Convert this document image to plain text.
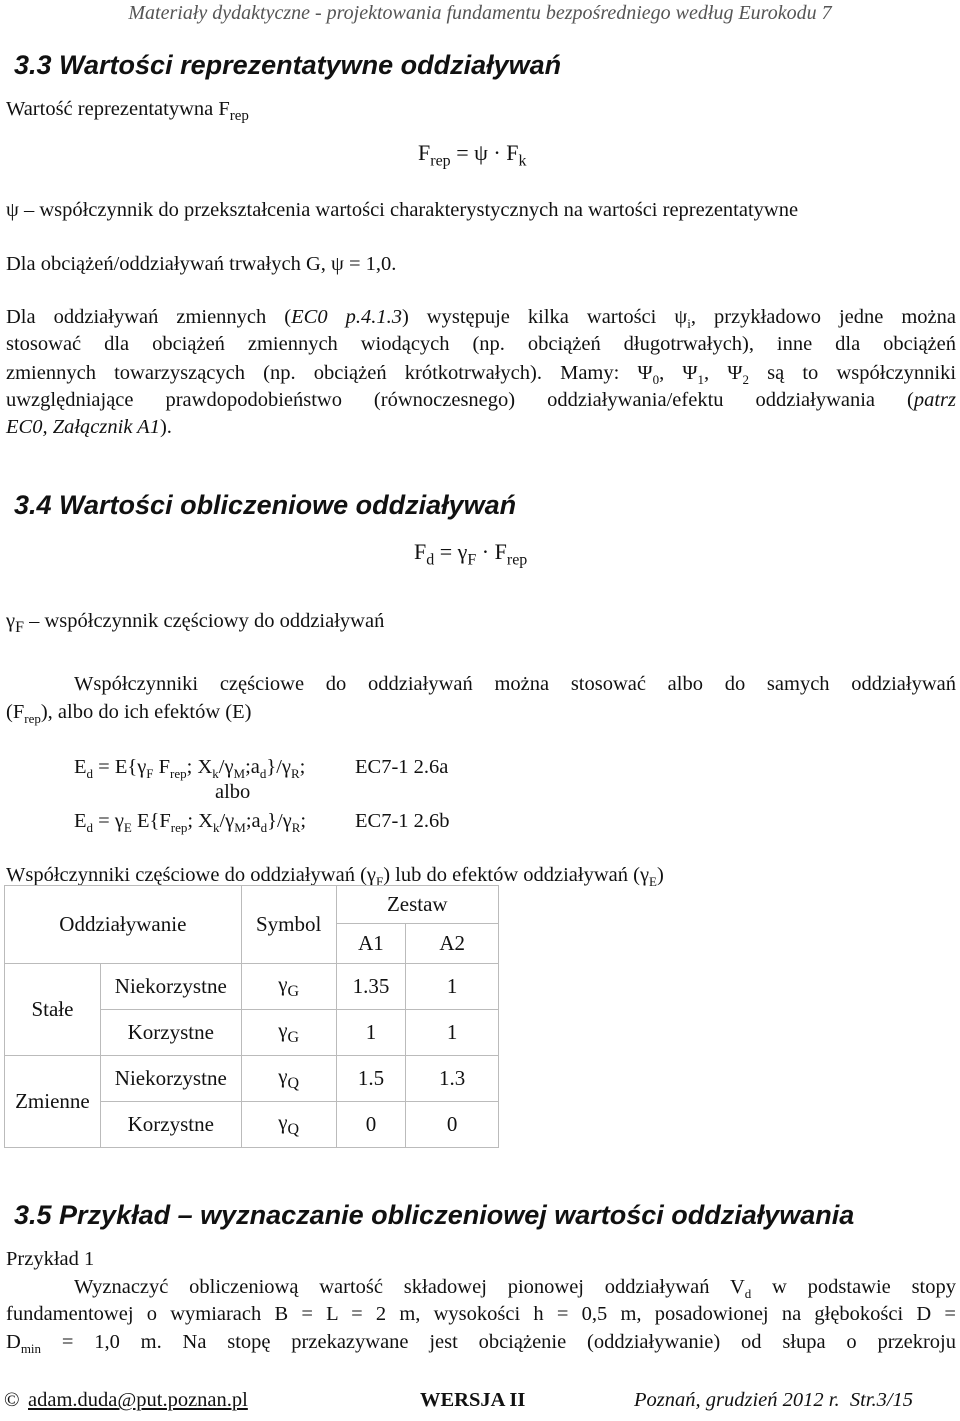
Materiały dydaktyczne - projektowania fundamentu bezpośredniego według Eurokodu 7
3.3 Wartości reprezentatywne oddziaływań
Wartość reprezentatywna $F_{rep}$
$F_{rep} = \psi \cdot F_k$
ψ – współczynnik do przekształcenia wartości charakterystycznych na wartości reprezentatywne
Dla obciążeń/oddziaływań trwałych G, ψ = 1,0.
Dla oddziaływań zmiennych (EC0 p.4.1.3) występuje kilka wartości $\psi_i$, przykładowo jedne można
stosować dla obciążeń zmiennych wiodących (np. obciążeń długotrwałych), inne dla obciążeń
zmiennych towarzyszących (np. obciążeń krótkotrwałych). Mamy: $\Psi_0$, $\Psi_1$, $\Psi_2$ są to współczynniki
uwzględniające prawdopodobieństwo (równoczesnego) oddziaływania/efektu oddziaływania (patrz
EC0, Załącznik A1).
3.4 Wartości obliczeniowe oddziaływań
$F_d = \gamma_F \cdot F_{rep}$
$\gamma_F$ – współczynnik częściowy do oddziaływań
Współczynniki częściowe do oddziaływań można stosować albo do samych oddziaływań
$(F_{rep})$, albo do ich efektów (E)
$E_d = E\{\gamma_F$ $F_{rep}$; $X_k/\gamma_M;a_d\}/\gamma_R$; EC7-1 2.6a
albo
$E_d = \gamma_E$ $E\{F_{rep}$; $X_k/\gamma_M;a_d\}/\gamma_R$; EC7-1 2.6b
Współczynniki częściowe do oddziaływań $(\gamma_F)$ lub do efektów oddziaływań $(\gamma_E)$
Oddziaływanie		Symbol	Zestaw	
			A1	A2
Stałe	Niekorzystne	$\gamma_G$	1.35	1
	Korzystne	$\gamma_G$	1	1
Zmienne	Niekorzystne	$\gamma_Q$	1.5	1.3
	Korzystne	$\gamma_Q$	0	0
3.5 Przykład – wyznaczanie obliczeniowej wartości oddziaływania
Przykład 1
Wyznaczyć obliczeniową wartość składowej pionowej oddziaływań $V_d$ w podstawie stopy
fundamentowej o wymiarach B = L = 2 m, wysokości h = 0,5 m, posadowionej na głębokości D =
$D_{min} = 1,0$ m. Na stopę przekazywane jest obciążenie (oddziaływanie) od słupa o przekroju
© adam.duda@put.poznan.pl	WERSJA II	Poznań, grudzień 2012 r.  Str.3/15
